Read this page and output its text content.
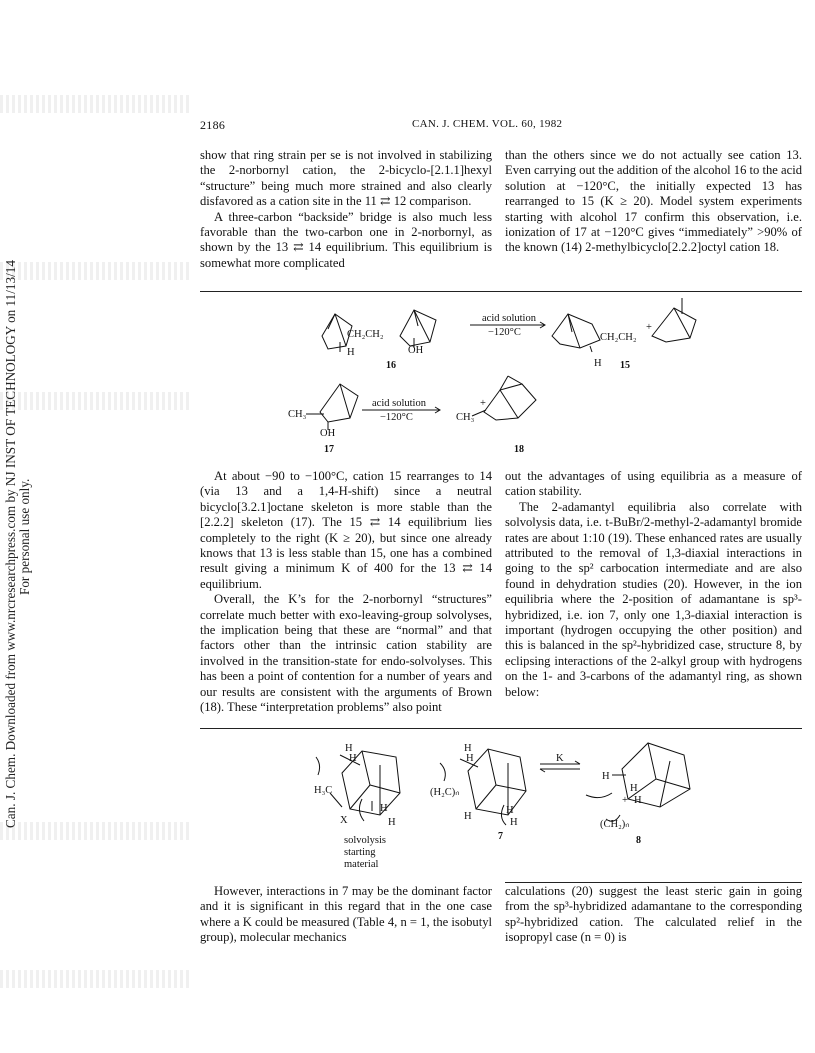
Can. J. Chem. Downloaded from www.nrcresearchpress.com by NJ INST OF TECHNOLOGY on 11/13/14 For personal use only.
2186	CAN. J. CHEM. VOL. 60, 1982

show that ring strain per se is not involved in stabilizing the 2-norbornyl cation, the 2-bicyclo-[2.1.1]hexyl “structure” being much more strained and also clearly disfavored as a cation site in the 11 ⇄ 12 comparison.

A three-carbon “backside” bridge is also much less favorable than the two-carbon one in 2-norbornyl, as shown by the 13 ⇄ 14 equilibrium. This equilibrium is somewhat more complicated

than the others since we do not actually see cation 13. Even carrying out the addition of the alcohol 16 to the acid solution at −120°C, the initially expected 13 has rearranged to 15 (K ≥ 20). Model system experiments starting with alcohol 17 confirm this observation, i.e. ionization of 17 at −120°C gives “immediately” >90% of the known (14) 2-methylbicyclo[2.2.2]octyl cation 18.

CH₂CH₂
H	OH
16
acid solution
−120°C	CH₂CH₂
H
+
15
CH₃
OH
17
acid solution
−120°C	CH₃
+
18

At about −90 to −100°C, cation 15 rearranges to 14 (via 13 and a 1,4-H-shift) since a neutral bicyclo[3.2.1]octane skeleton is more stable than the [2.2.2] skeleton (17). The 15 ⇄ 14 equilibrium lies completely to the right (K ≥ 20), but since one already knows that 13 is less stable than 15, one has a combined result giving a minimum K of 400 for the 13 ⇄ 14 equilibrium.

Overall, the K’s for the 2-norbornyl “structures” correlate much better with exo-leaving-group solvolyses, the implication being that these are “normal” and that factors other than the intrinsic cation stability are involved in the transition-state for endo-solvolyses. This has been a point of contention for a number of years and our results are consistent with the arguments of Brown (18). These “interpretation problems” also point

out the advantages of using equilibria as a measure of cation stability.

The 2-adamantyl equilibria also correlate with solvolysis data, i.e. t-BuBr/2-methyl-2-adamantyl bromide rates are about 1:10 (19). These enhanced rates are usually attributed to the removal of 1,3-diaxial interactions in going to the sp² carbocation intermediate and are also found in dehydration studies (20). However, in the ion equilibria where the 2-position of adamantane is sp³-hybridized, i.e. ion 7, only one 1,3-diaxial interaction is important (hydrogen occupying the other position) and this is balanced in the sp²-hybridized case, structure 8, by eclipsing interactions of the 2-alkyl group with hydrogens on the 1- and 3-carbons of the adamantyl ring, as shown below:

H
H
H₃C
X
H
H
solvolysis
starting
material
H
H
(H₂C)ₙ
H
H
H
7
K
H
+
H
H
(CH₂)ₙ
8

However, interactions in 7 may be the dominant factor and it is significant in this regard that in the one case where a K could be measured (Table 4, n = 1, the isobutyl group), molecular mechanics

calculations (20) suggest the least steric gain in going from the sp³-hybridized adamantane to the corresponding sp²-hybridized cation. The calculated relief in the isopropyl case (n = 0) is
